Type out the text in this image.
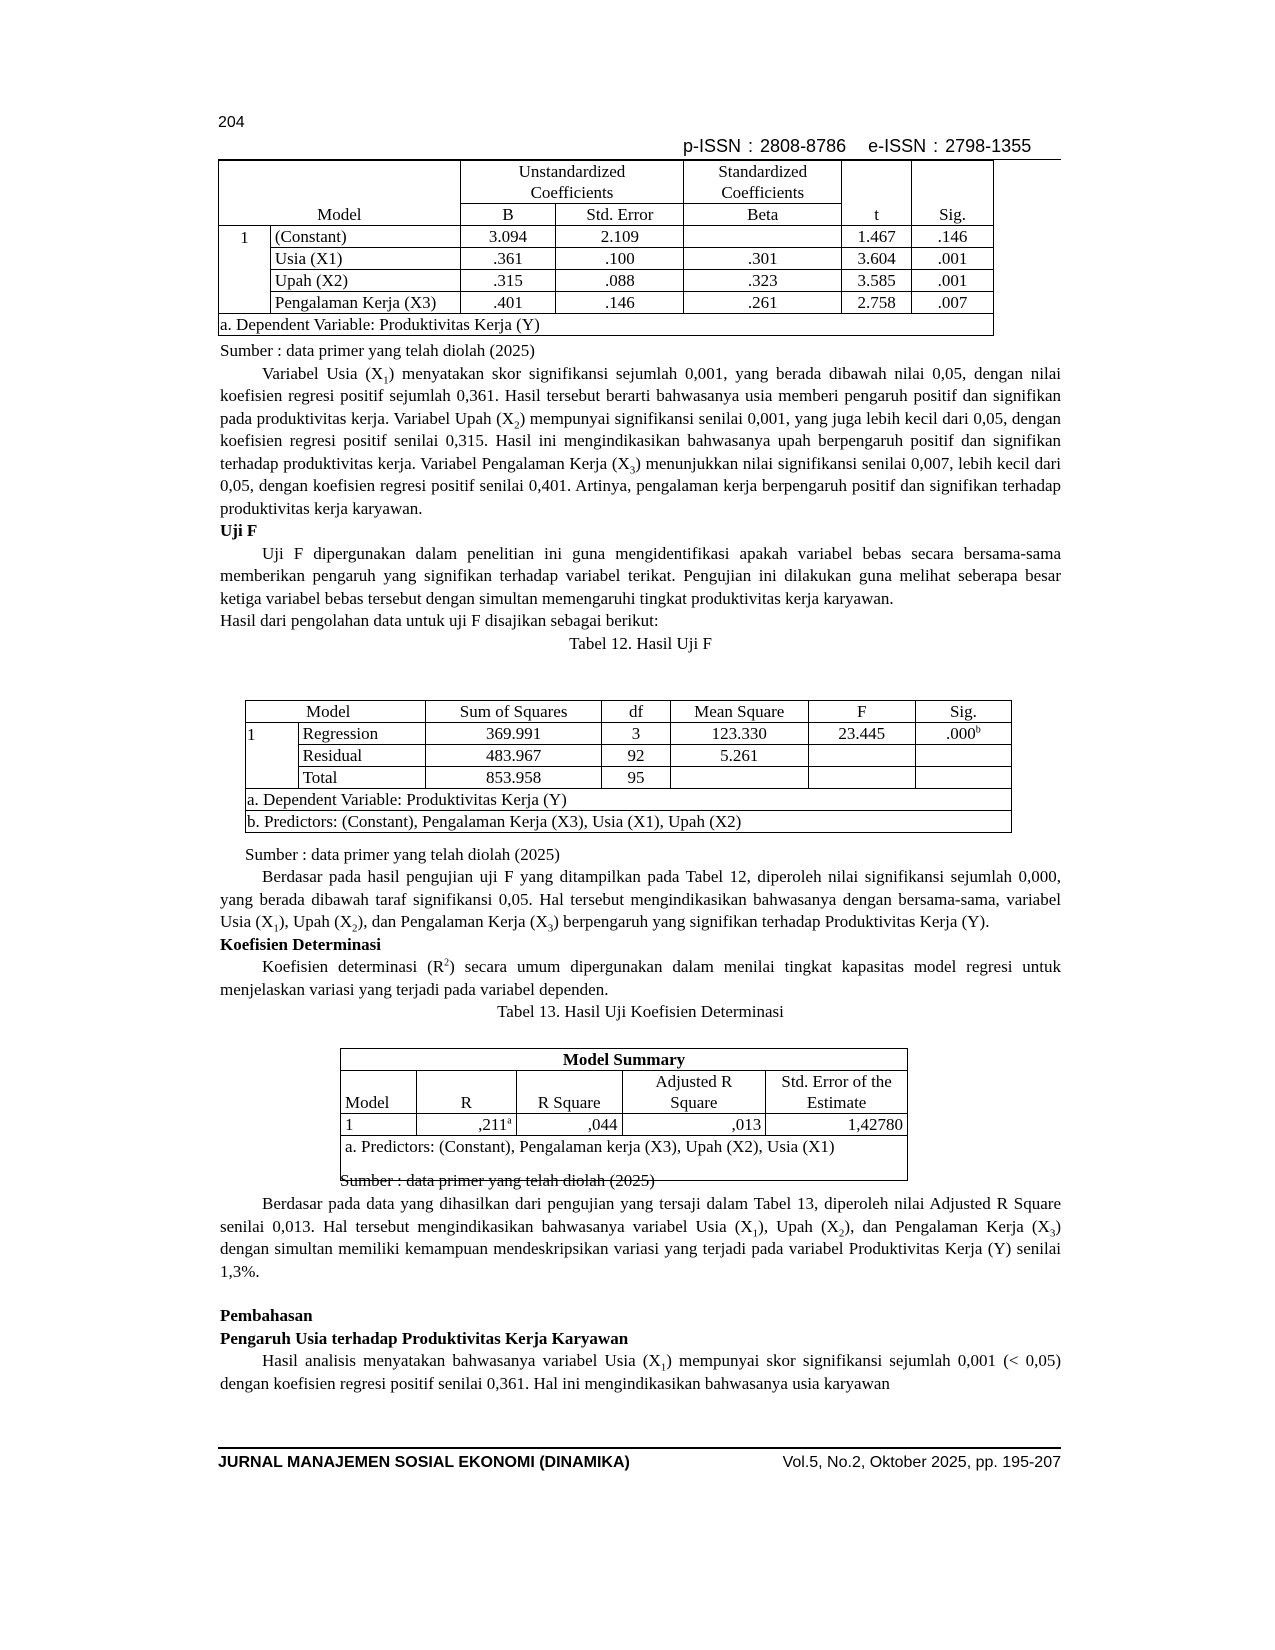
204
p-ISSN : 2808-8786 e-ISSN : 2798-1355
		Unstandardized		Standardized		
		Coefficients		Coefficients		
Model		B	Std. Error	Beta	t	Sig.
1	(Constant)	3.094	2.109		1.467	.146
	Usia (X1)	.361	.100	.301	3.604	.001
	Upah (X2)	.315	.088	.323	3.585	.001
	Pengalaman Kerja (X3)	.401	.146	.261	2.758	.007
a. Dependent Variable: Produktivitas Kerja (Y)						

Sumber : data primer yang telah diolah (2025)

Variabel Usia $(X_1)$ menyatakan skor signifikansi sejumlah 0,001, yang berada dibawah nilai 0,05, dengan nilai koefisien regresi positif sejumlah 0,361. Hasil tersebut berarti bahwasanya usia memberi pengaruh positif dan signifikan pada produktivitas kerja. Variabel Upah $(X_2)$ mempunyai signifikansi senilai 0,001, yang juga lebih kecil dari 0,05, dengan koefisien regresi positif senilai 0,315. Hasil ini mengindikasikan bahwasanya upah berpengaruh positif dan signifikan terhadap produktivitas kerja. Variabel Pengalaman Kerja $(X_3)$ menunjukkan nilai signifikansi senilai 0,007, lebih kecil dari 0,05, dengan koefisien regresi positif senilai 0,401. Artinya, pengalaman kerja berpengaruh positif dan signifikan terhadap produktivitas kerja karyawan.

Uji F

Uji F dipergunakan dalam penelitian ini guna mengidentifikasi apakah variabel bebas secara bersama-sama memberikan pengaruh yang signifikan terhadap variabel terikat. Pengujian ini dilakukan guna melihat seberapa besar ketiga variabel bebas tersebut dengan simultan memengaruhi tingkat produktivitas kerja karyawan.

Hasil dari pengolahan data untuk uji F disajikan sebagai berikut:

Tabel 12. Hasil Uji F

Model		Sum of Squares	df	Mean Square	F	Sig.
1	Regression	369.991	3	123.330	23.445	.000$^b$
	Residual	483.967	92	5.261		
	Total	853.958	95			
a. Dependent Variable: Produktivitas Kerja (Y)						
b. Predictors: (Constant), Pengalaman Kerja (X3), Usia (X1), Upah (X2)						
Sumber : data primer yang telah diolah (2025)

Berdasar pada hasil pengujian uji F yang ditampilkan pada Tabel 12, diperoleh nilai signifikansi sejumlah 0,000, yang berada dibawah taraf signifikansi 0,05. Hal tersebut mengindikasikan bahwasanya dengan bersama-sama, variabel Usia $(X_1)$, Upah $(X_2)$, dan Pengalaman Kerja $(X_3)$ berpengaruh yang signifikan terhadap Produktivitas Kerja (Y).

Koefisien Determinasi

Koefisien determinasi $(R^2)$ secara umum dipergunakan dalam menilai tingkat kapasitas model regresi untuk menjelaskan variasi yang terjadi pada variabel dependen.

Tabel 13. Hasil Uji Koefisien Determinasi

Model Summary				
			Adjusted R	Std. Error of the
Model	R	R Square	Square	Estimate
1	,211$^a$	,044	,013	1,42780
a. Predictors: (Constant), Pengalaman kerja (X3), Upah (X2), Usia (X1)				
Sumber : data primer yang telah diolah (2025)

Berdasar pada data yang dihasilkan dari pengujian yang tersaji dalam Tabel 13, diperoleh nilai Adjusted R Square senilai 0,013. Hal tersebut mengindikasikan bahwasanya variabel Usia $(X_1)$, Upah $(X_2)$, dan Pengalaman Kerja $(X_3)$ dengan simultan memiliki kemampuan mendeskripsikan variasi yang terjadi pada variabel Produktivitas Kerja (Y) senilai 1,3%.

Pembahasan

Pengaruh Usia terhadap Produktivitas Kerja Karyawan

Hasil analisis menyatakan bahwasanya variabel Usia $(X_1)$ mempunyai skor signifikansi sejumlah 0,001 (< 0,05) dengan koefisien regresi positif senilai 0,361. Hal ini mengindikasikan bahwasanya usia karyawan

JURNAL MANAJEMEN SOSIAL EKONOMI (DINAMIKA)	Vol.5, No.2, Oktober 2025, pp. 195-207
